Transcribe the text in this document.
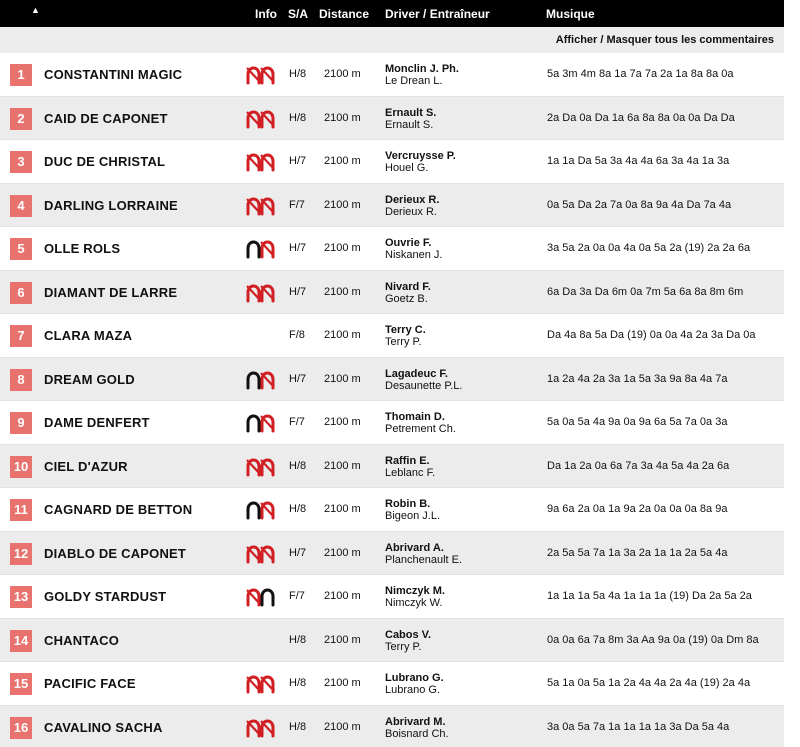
▲	Info S/A Distance Driver / Entraîneur	Musique
Afficher / Masquer tous les commentaires
1	CONSTANTINI MAGIC	H/8 2100 m Monclin J. Ph.
Le Drean L.
5a 3m 4m 8a 1a 7a 7a 2a 1a 8a 8a 0a
2	CAID DE CAPONET	H/8 2100 m Ernault S.
Ernault S.
2a Da 0a Da 1a 6a 8a 8a 0a 0a Da Da
3	DUC DE CHRISTAL	H/7 2100 m Vercruysse P.
Houel G.
1a 1a Da 5a 3a 4a 4a 6a 3a 4a 1a 3a
4	DARLING LORRAINE	F/7 2100 m Derieux R.
Derieux R.
0a 5a Da 2a 7a 0a 8a 9a 4a Da 7a 4a
5	OLLE ROLS	H/7 2100 m Ouvrie F.
Niskanen J.
3a 5a 2a 0a 0a 4a 0a 5a 2a (19) 2a 2a 6a
6	DIAMANT DE LARRE	H/7 2100 m Nivard F.
Goetz B.
6a Da 3a Da 6m 0a 7m 5a 6a 8a 8m 6m
7	CLARA MAZA	F/8 2100 m Terry C.
Terry P.
Da 4a 8a 5a Da (19) 0a 0a 4a 2a 3a Da 0a
8	DREAM GOLD	H/7 2100 m Lagadeuc F.
Desaunette P.L.
1a 2a 4a 2a 3a 1a 5a 3a 9a 8a 4a 7a
9	DAME DENFERT	F/7 2100 m Thomain D.
Petrement Ch.
5a 0a 5a 4a 9a 0a 9a 6a 5a 7a 0a 3a
10 CIEL D'AZUR	H/8 2100 m Raffin E.
Leblanc F.
Da 1a 2a 0a 6a 7a 3a 4a 5a 4a 2a 6a
11	CAGNARD DE BETTON	H/8 2100 m Robin B.
Bigeon J.L.
9a 6a 2a 0a 1a 9a 2a 0a 0a 0a 8a 9a
12 DIABLO DE CAPONET	H/7 2100 m Abrivard A.
Planchenault E.
2a 5a 5a 7a 1a 3a 2a 1a 1a 2a 5a 4a
13 GOLDY STARDUST	F/7 2100 m Nimczyk M.
Nimczyk W.
1a 1a 1a 5a 4a 1a 1a 1a (19) Da 2a 5a 2a
14 CHANTACO	H/8 2100 m Cabos V.
Terry P.
0a 0a 6a 7a 8m 3a Aa 9a 0a (19) 0a Dm 8a
15 PACIFIC FACE	H/8 2100 m Lubrano G.
Lubrano G.
5a 1a 0a 5a 1a 2a 4a 4a 2a 4a (19) 2a 4a
16 CAVALINO SACHA	H/8 2100 m Abrivard M.
Boisnard Ch.
3a 0a 5a 7a 1a 1a 1a 1a 3a Da 5a 4a
